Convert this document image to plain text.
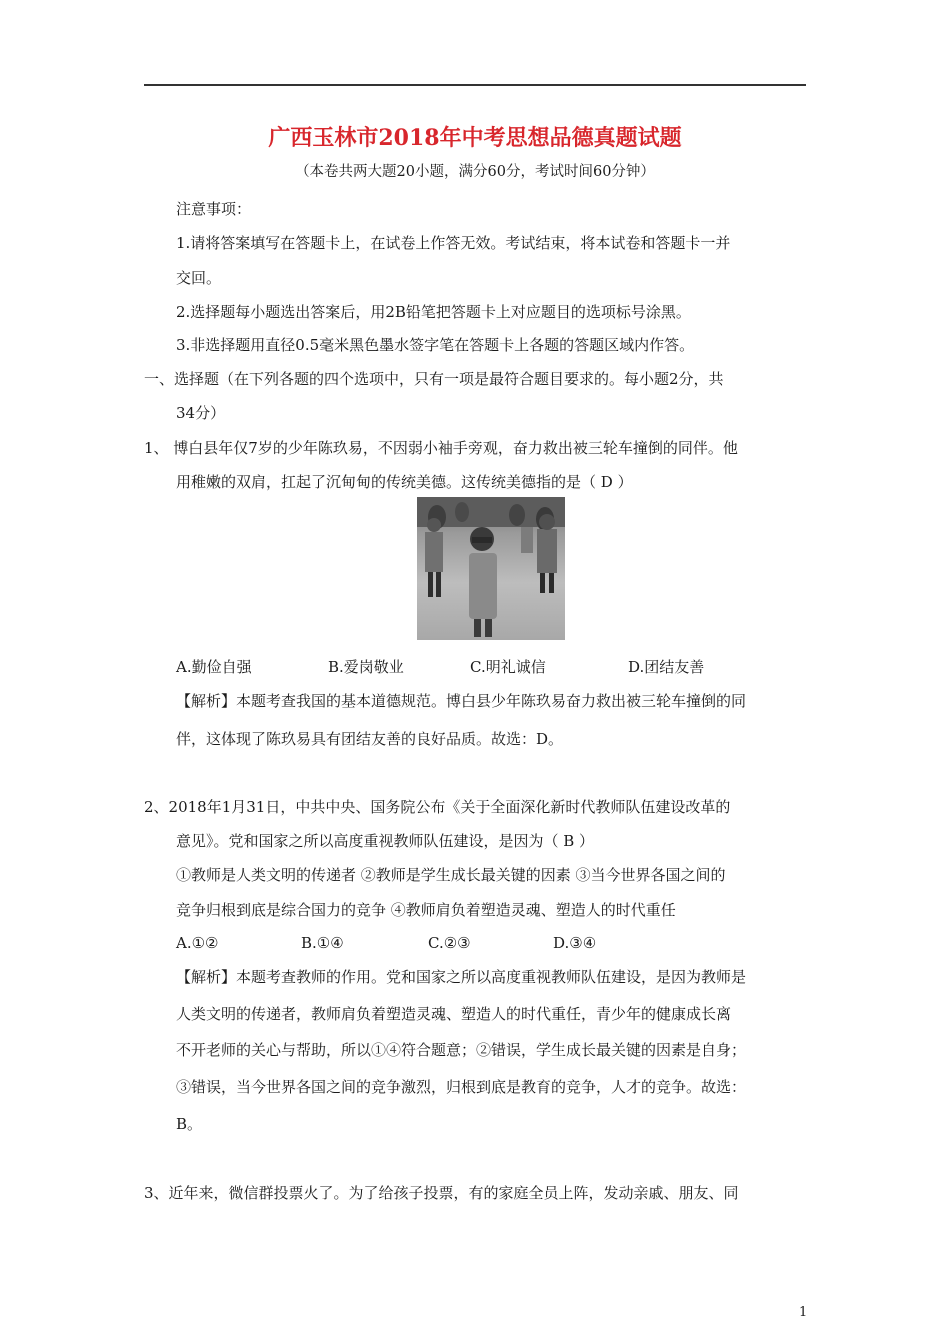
广西玉林市2018年中考思想品德真题试题
（本卷共两大题20小题，满分60分，考试时间60分钟）
注意事项：
1.请将答案填写在答题卡上，在试卷上作答无效。考试结束，将本试卷和答题卡一并
交回。
2.选择题每小题选出答案后，用2B铅笔把答题卡上对应题目的选项标号涂黑。
3.非选择题用直径0.5毫米黑色墨水签字笔在答题卡上各题的答题区域内作答。
一、选择题（在下列各题的四个选项中，只有一项是最符合题目要求的。每小题2分，共
34分）
1、 博白县年仅7岁的少年陈玖易，不因弱小袖手旁观，奋力救出被三轮车撞倒的同伴。他
用稚嫩的双肩，扛起了沉甸甸的传统美德。这传统美德指的是（ D ）
A.勤俭自强	B.爱岗敬业	C.明礼诚信	D.团结友善
【解析】本题考查我国的基本道德规范。博白县少年陈玖易奋力救出被三轮车撞倒的同
伴，这体现了陈玖易具有团结友善的良好品质。故选：D。
2、2018年1月31日，中共中央、国务院公布《关于全面深化新时代教师队伍建设改革的
意见》。党和国家之所以高度重视教师队伍建设，是因为（ B ）
①教师是人类文明的传递者 ②教师是学生成长最关键的因素 ③当今世界各国之间的
竞争归根到底是综合国力的竞争 ④教师肩负着塑造灵魂、塑造人的时代重任
A.①②	B.①④	C.②③	D.③④
【解析】本题考查教师的作用。党和国家之所以高度重视教师队伍建设，是因为教师是
人类文明的传递者，教师肩负着塑造灵魂、塑造人的时代重任，青少年的健康成长离
不开老师的关心与帮助，所以①④符合题意；②错误，学生成长最关键的因素是自身；
③错误，当今世界各国之间的竞争激烈，归根到底是教育的竞争，人才的竞争。故选：
B。
3、近年来，微信群投票火了。为了给孩子投票，有的家庭全员上阵，发动亲戚、朋友、同
1
